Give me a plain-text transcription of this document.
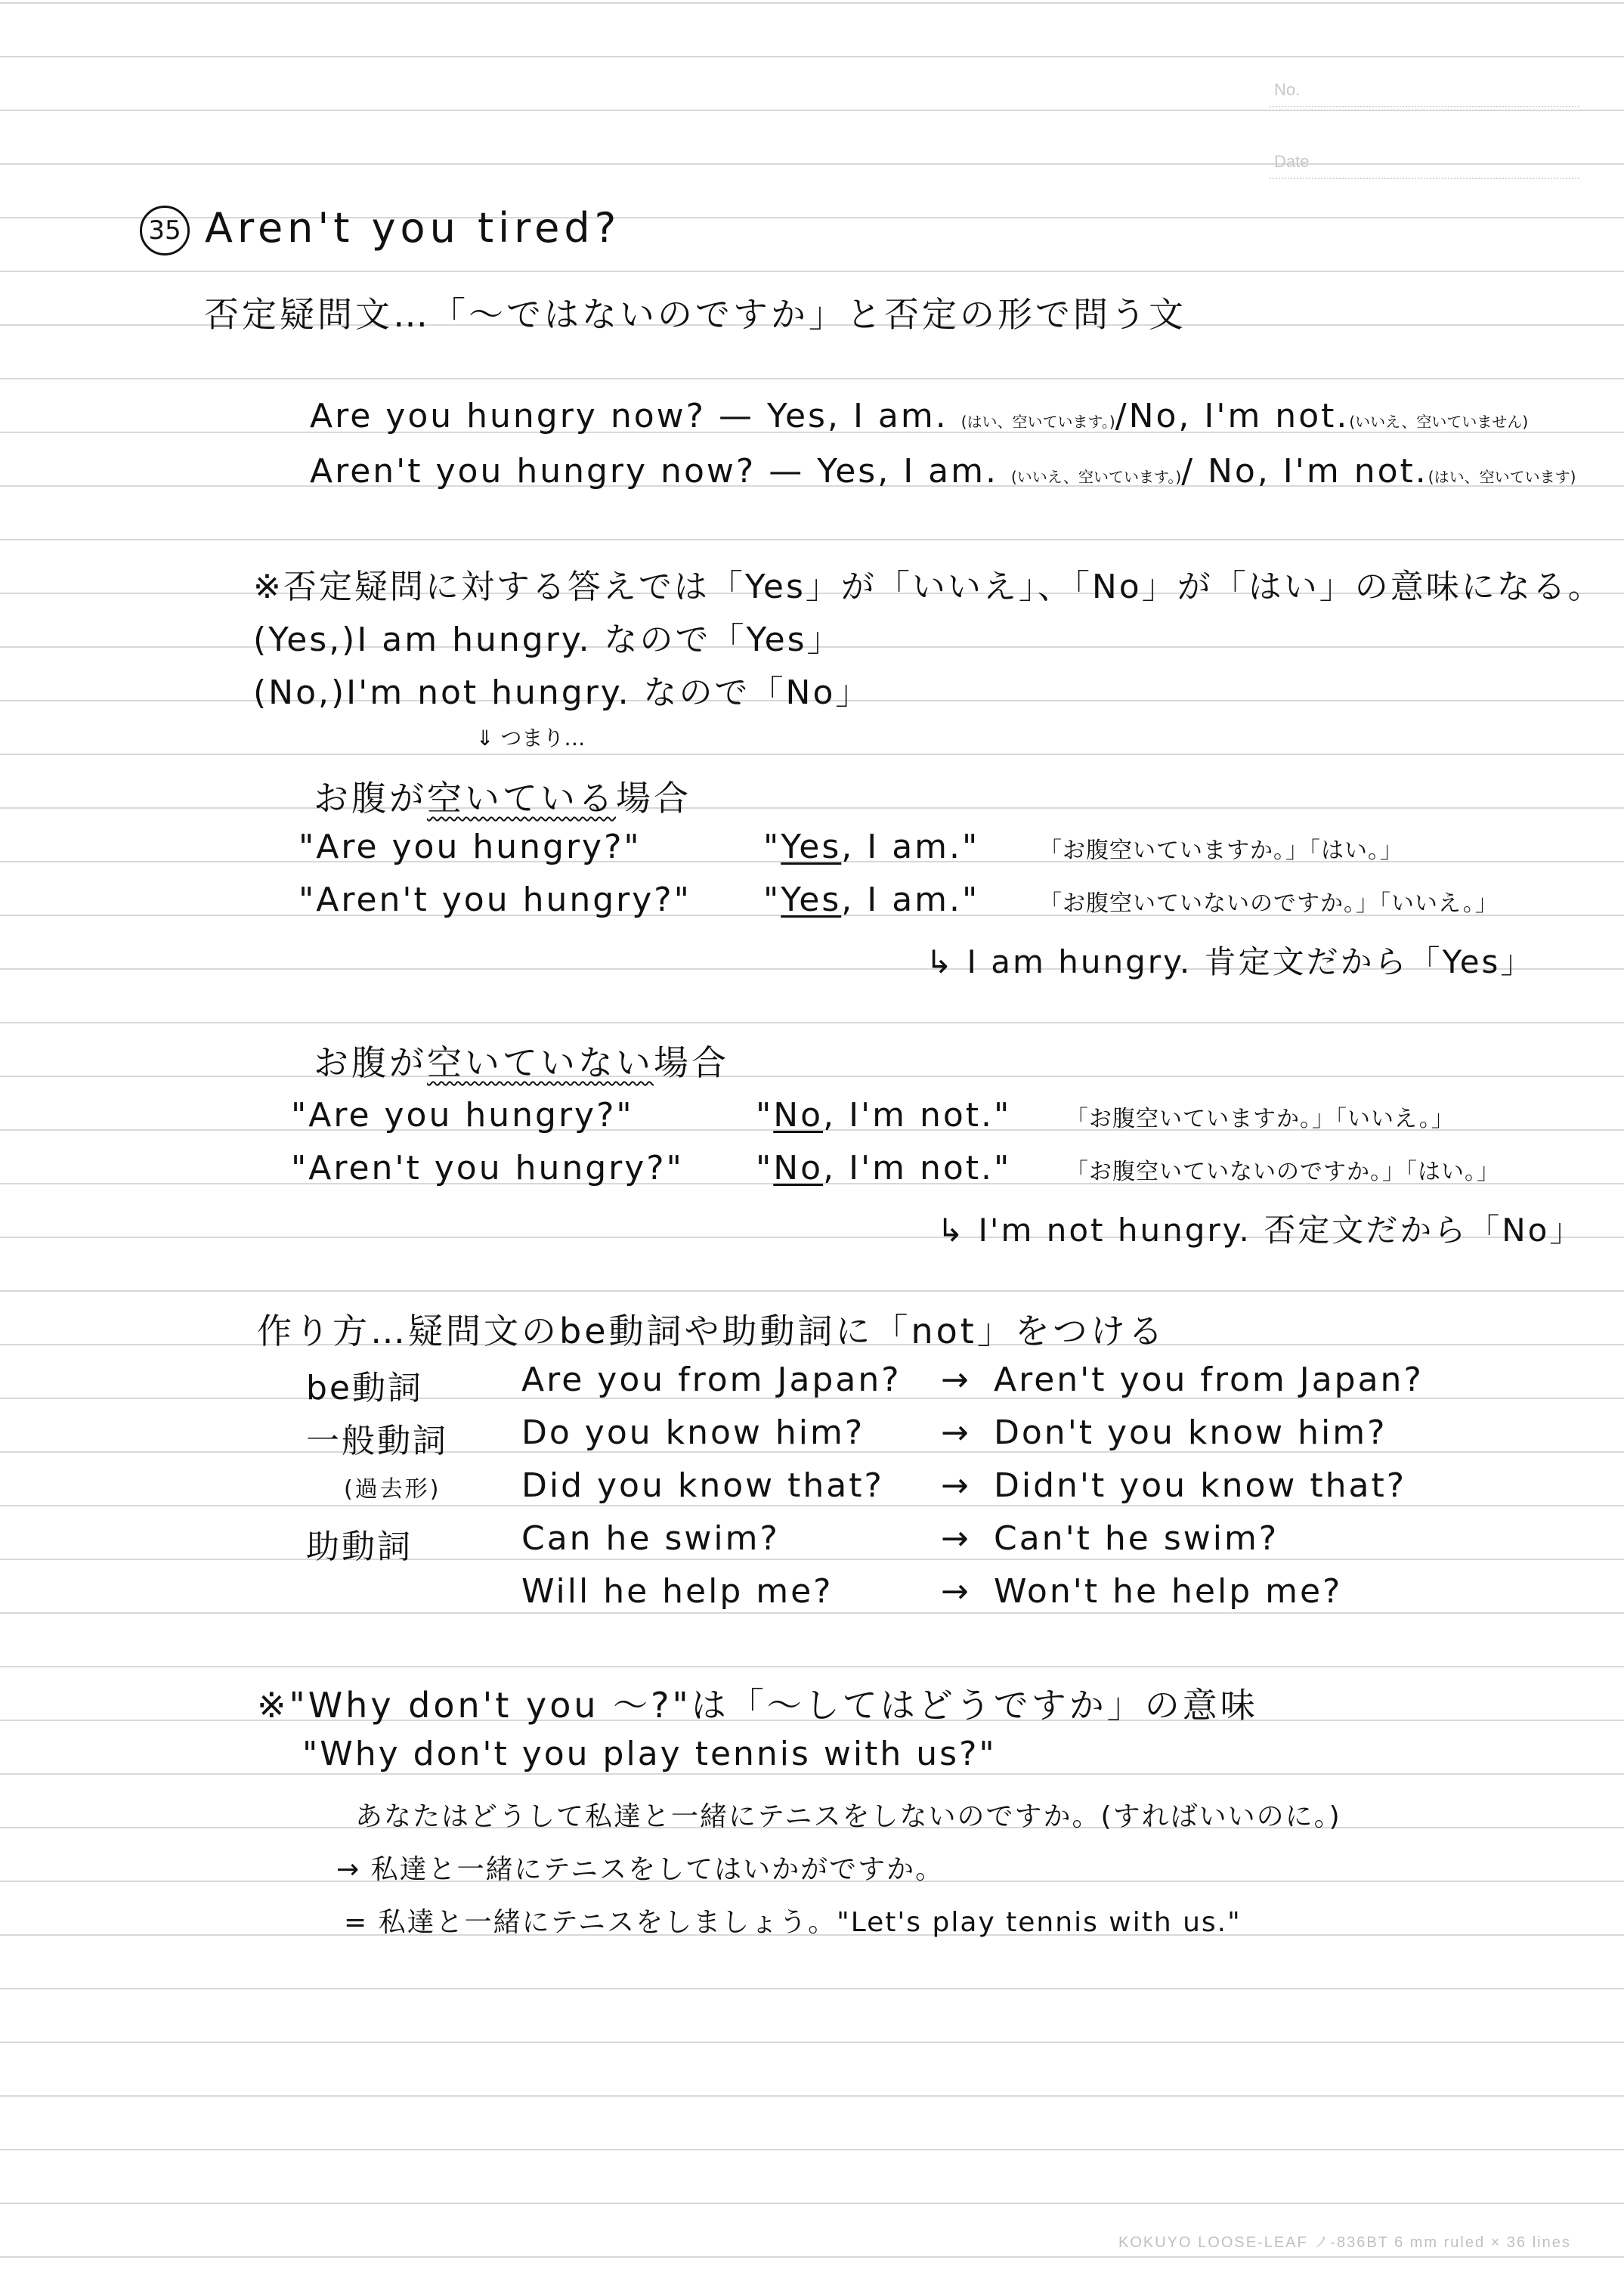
No.
Date
35 Aren't you tired?
否定疑問文…「～ではないのですか」と否定の形で問う文
Are you hungry now? — Yes, I am. (はい、空いています。)/No, I'm not.(いいえ、空いていません)
Aren't you hungry now? — Yes, I am. (いいえ、空いています。)/ No, I'm not.(はい、空いています)
※否定疑問に対する答えでは「Yes」が「いいえ」、「No」が「はい」の意味になる。
(Yes,)I am hungry. なので「Yes」
(No,)I'm not hungry. なので「No」
⇓ つまり…
お腹が空いている場合
"Are you hungry?"	"Yes, I am."	「お腹空いていますか。」「はい。」
"Aren't you hungry?" "Yes, I am."	「お腹空いていないのですか。」「いいえ。」
↳ I am hungry. 肯定文だから「Yes」
お腹が空いていない場合
"Are you hungry?"	"No, I'm not." 「お腹空いていますか。」「いいえ。」
"Aren't you hungry?" "No, I'm not." 「お腹空いていないのですか。」「はい。」
↳ I'm not hungry. 否定文だから「No」
作り方…疑問文のbe動詞や助動詞に「not」をつける
be動詞	Are you from Japan? → Aren't you from Japan?
一般動詞 Do you know him? → Don't you know him?
(過去形) Did you know that? → Didn't you know that?
助動詞	Can he swim?	→ Can't he swim?
Will he help me?	→ Won't he help me?
※"Why don't you ～?"は「～してはどうですか」の意味
"Why don't you play tennis with us?"
あなたはどうして私達と一緒にテニスをしないのですか。(すればいいのに。)
→ 私達と一緒にテニスをしてはいかがですか。
= 私達と一緒にテニスをしましょう。"Let's play tennis with us."
KOKUYO LOOSE-LEAF ノ-836BT 6 mm ruled × 36 lines
